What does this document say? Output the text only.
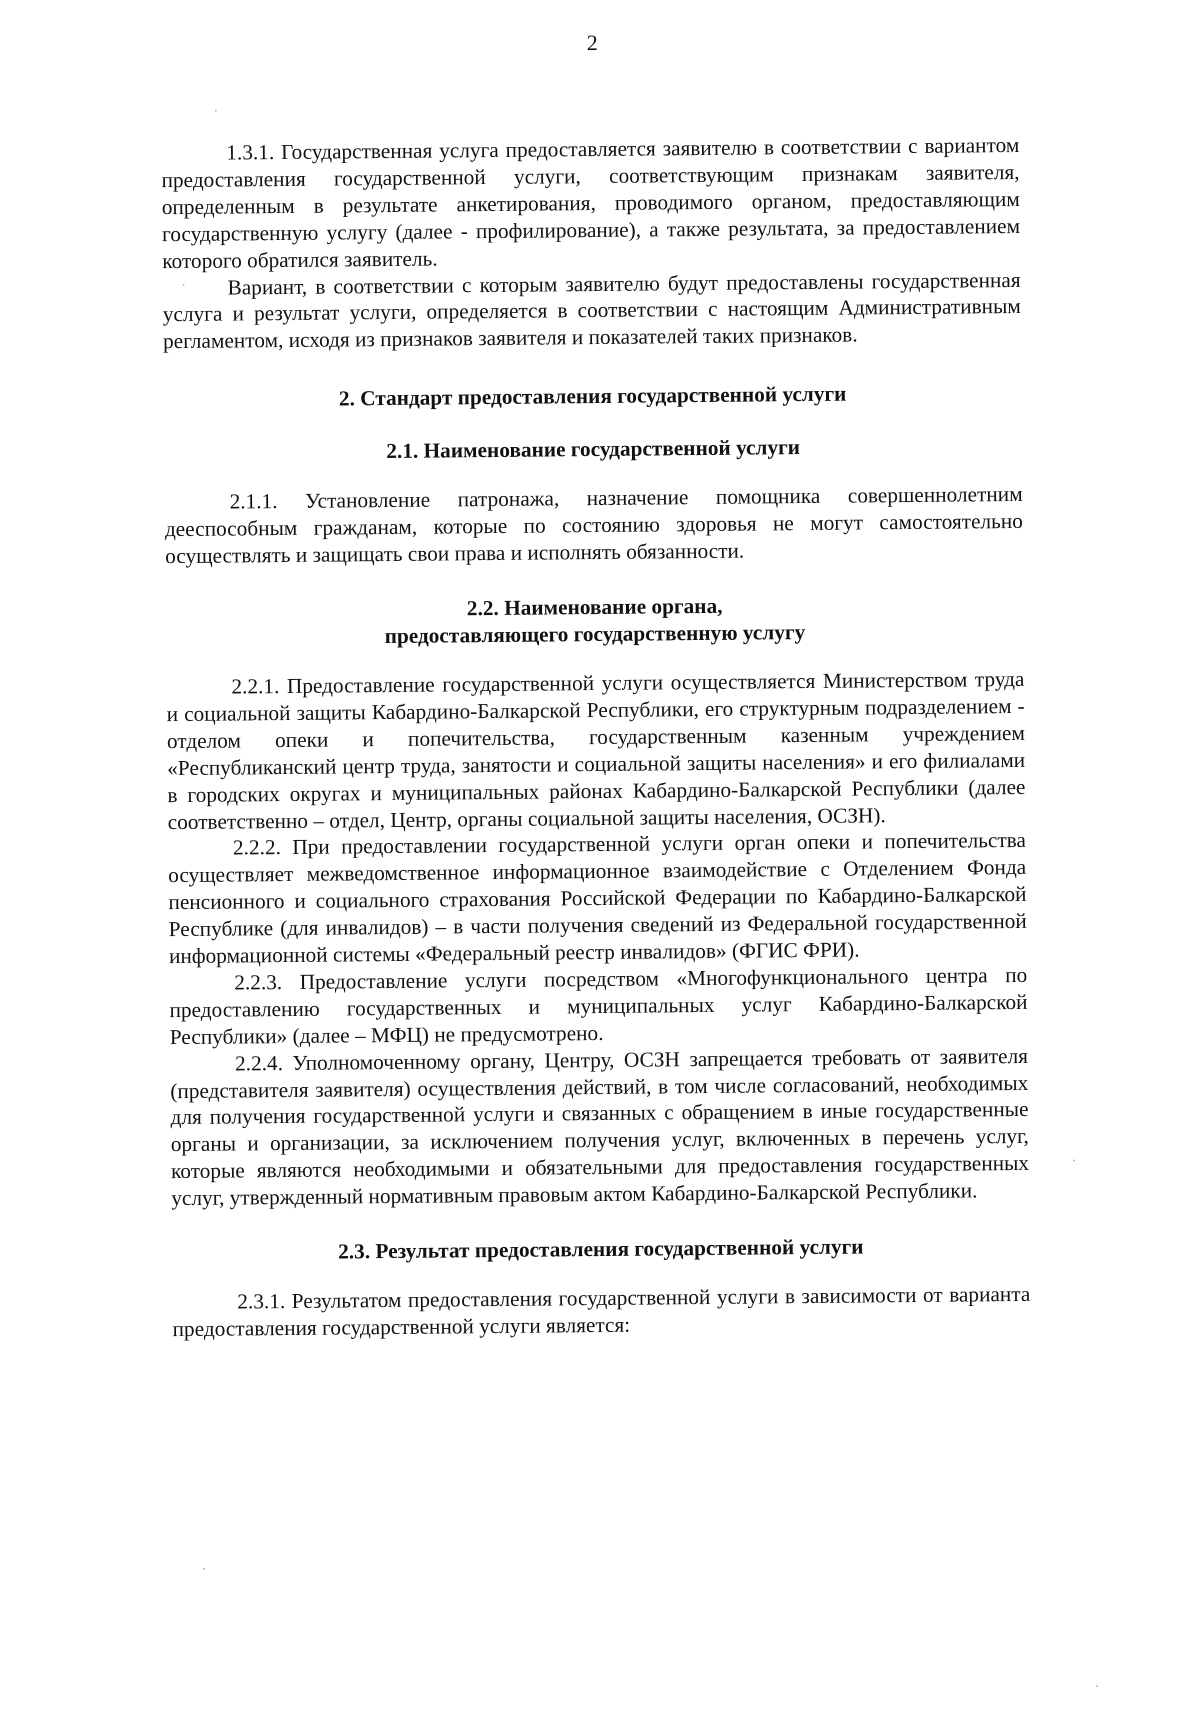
2

1.3.1. Государственная услуга предоставляется заявителю в соответствии с вариантом предоставления государственной услуги, соответствующим признакам заявителя, определенным в результате анкетирования, проводимого органом, предоставляющим государственную услугу (далее - профилирование), а также результата, за предоставлением которого обратился заявитель.

Вариант, в соответствии с которым заявителю будут предоставлены государственная услуга и результат услуги, определяется в соответствии с настоящим Административным регламентом, исходя из признаков заявителя и показателей таких признаков.

2. Стандарт предоставления государственной услуги
2.1. Наименование государственной услуги

2.1.1. Установление патронажа, назначение помощника совершеннолетним дееспособным гражданам, которые по состоянию здоровья не могут самостоятельно осуществлять и защищать свои права и исполнять обязанности.

2.2. Наименование органа,
предоставляющего государственную услугу

2.2.1. Предоставление государственной услуги осуществляется Министерством труда и социальной защиты Кабардино-Балкарской Республики, его структурным подразделением - отделом опеки и попечительства, государственным казенным учреждением «Республиканский центр труда, занятости и социальной защиты населения» и его филиалами в городских округах и муниципальных районах Кабардино-Балкарской Республики (далее соответственно – отдел, Центр, органы социальной защиты населения, ОСЗН).

2.2.2. При предоставлении государственной услуги орган опеки и попечительства осуществляет межведомственное информационное взаимодействие с Отделением Фонда пенсионного и социального страхования Российской Федерации по Кабардино-Балкарской Республике (для инвалидов) – в части получения сведений из Федеральной государственной информационной системы «Федеральный реестр инвалидов» (ФГИС ФРИ).

2.2.3. Предоставление услуги посредством «Многофункционального центра по предоставлению государственных и муниципальных услуг Кабардино-Балкарской Республики» (далее – МФЦ) не предусмотрено.

2.2.4. Уполномоченному органу, Центру, ОСЗН запрещается требовать от заявителя (представителя заявителя) осуществления действий, в том числе согласований, необходимых для получения государственной услуги и связанных с обращением в иные государственные органы и организации, за исключением получения услуг, включенных в перечень услуг, которые являются необходимыми и обязательными для предоставления государственных услуг, утвержденный нормативным правовым актом Кабардино-Балкарской Республики.

2.3. Результат предоставления государственной услуги

2.3.1. Результатом предоставления государственной услуги в зависимости от варианта предоставления государственной услуги является:
